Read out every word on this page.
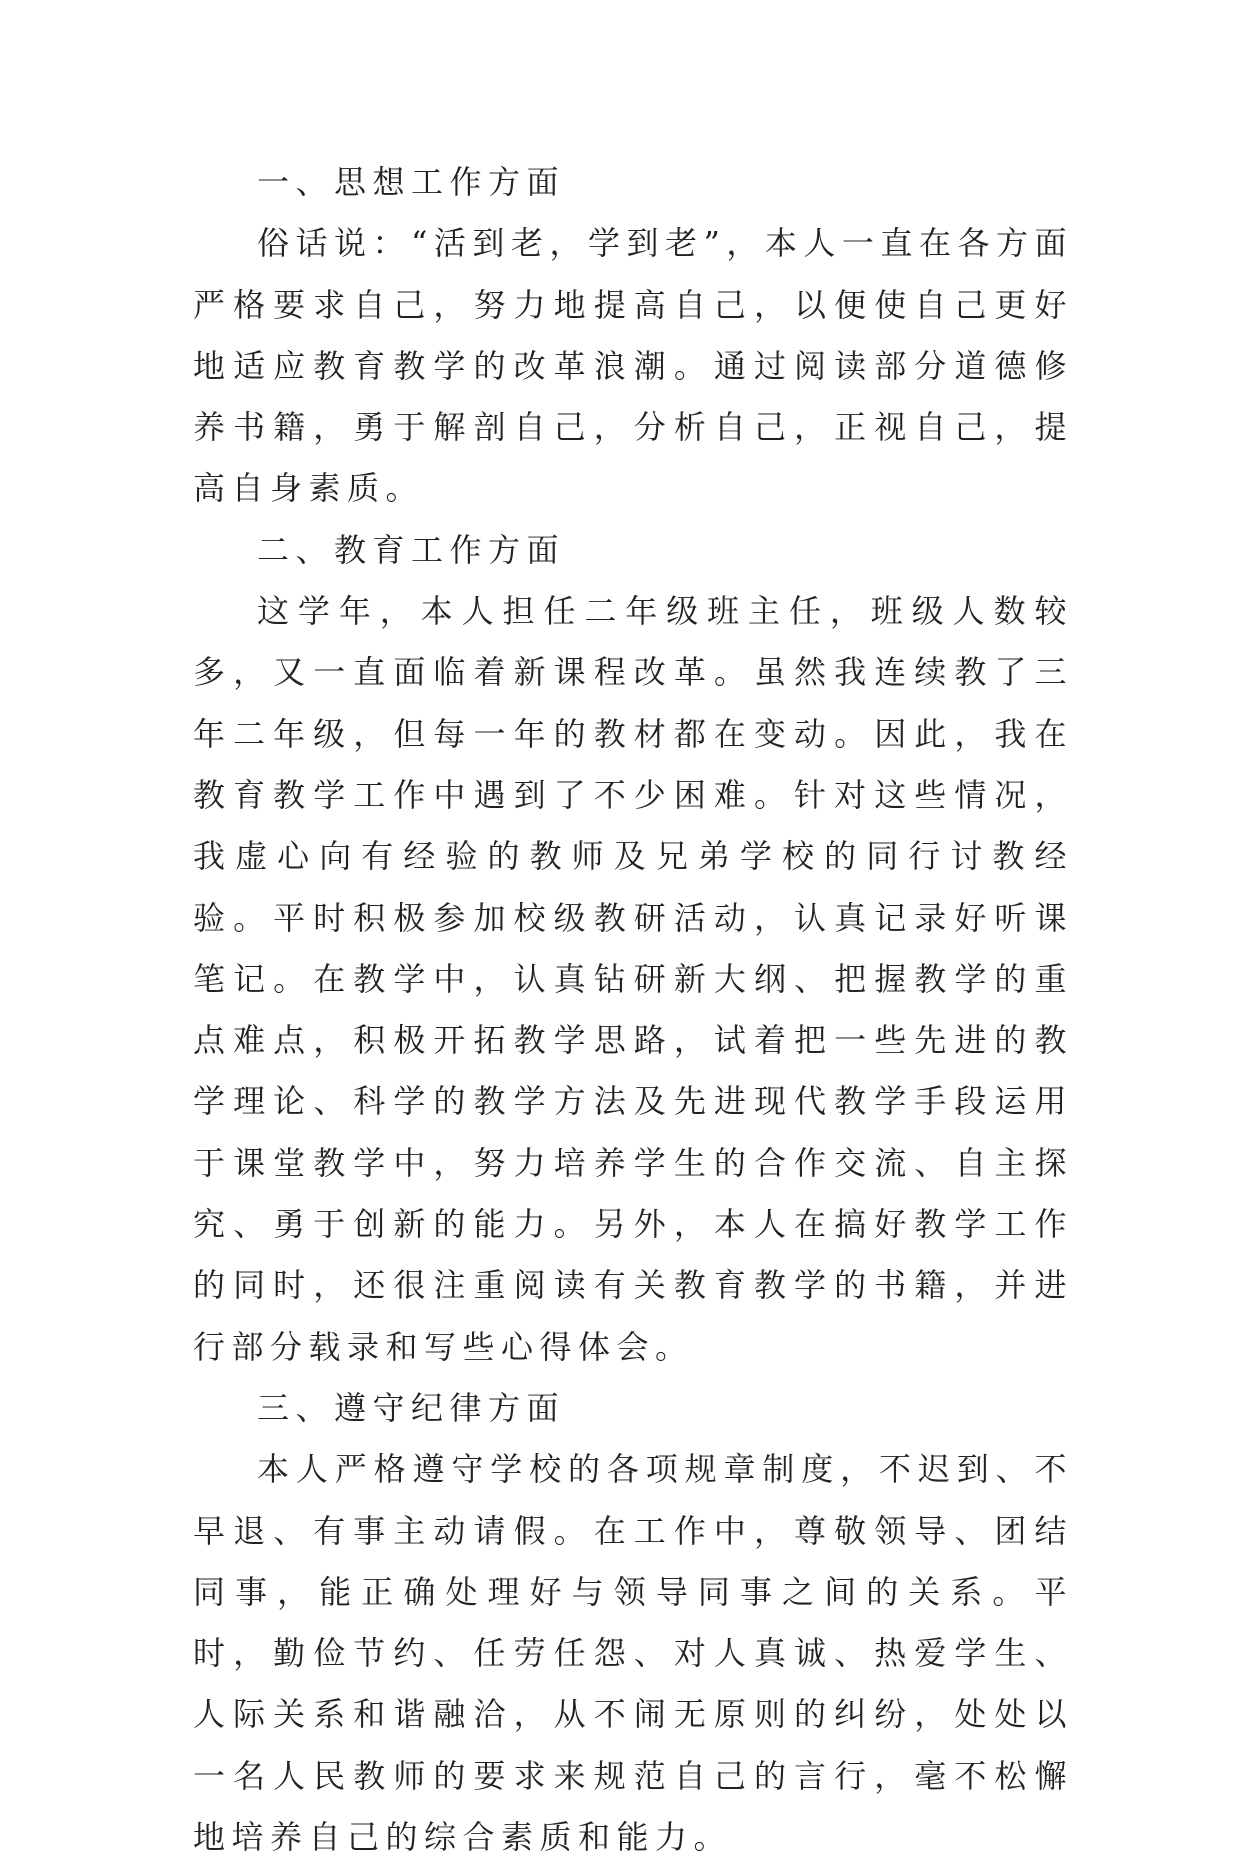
一、思想工作方面

俗话说：“活到老，学到老”，本人一直在各方面严格要求自己，努力地提高自己，以便使自己更好地适应教育教学的改革浪潮。通过阅读部分道德修养书籍，勇于解剖自己，分析自己，正视自己，提高自身素质。

二、教育工作方面

这学年，本人担任二年级班主任，班级人数较多，又一直面临着新课程改革。虽然我连续教了三年二年级，但每一年的教材都在变动。因此，我在教育教学工作中遇到了不少困难。针对这些情况，我虚心向有经验的教师及兄弟学校的同行讨教经验。平时积极参加校级教研活动，认真记录好听课笔记。在教学中，认真钻研新大纲、把握教学的重点难点，积极开拓教学思路，试着把一些先进的教学理论、科学的教学方法及先进现代教学手段运用于课堂教学中，努力培养学生的合作交流、自主探究、勇于创新的能力。另外，本人在搞好教学工作的同时，还很注重阅读有关教育教学的书籍，并进行部分载录和写些心得体会。

三、遵守纪律方面

本人严格遵守学校的各项规章制度，不迟到、不早退、有事主动请假。在工作中，尊敬领导、团结同事，能正确处理好与领导同事之间的关系。平时，勤俭节约、任劳任怨、对人真诚、热爱学生、人际关系和谐融洽，从不闹无原则的纠纷，处处以一名人民教师的要求来规范自己的言行，毫不松懈地培养自己的综合素质和能力。
